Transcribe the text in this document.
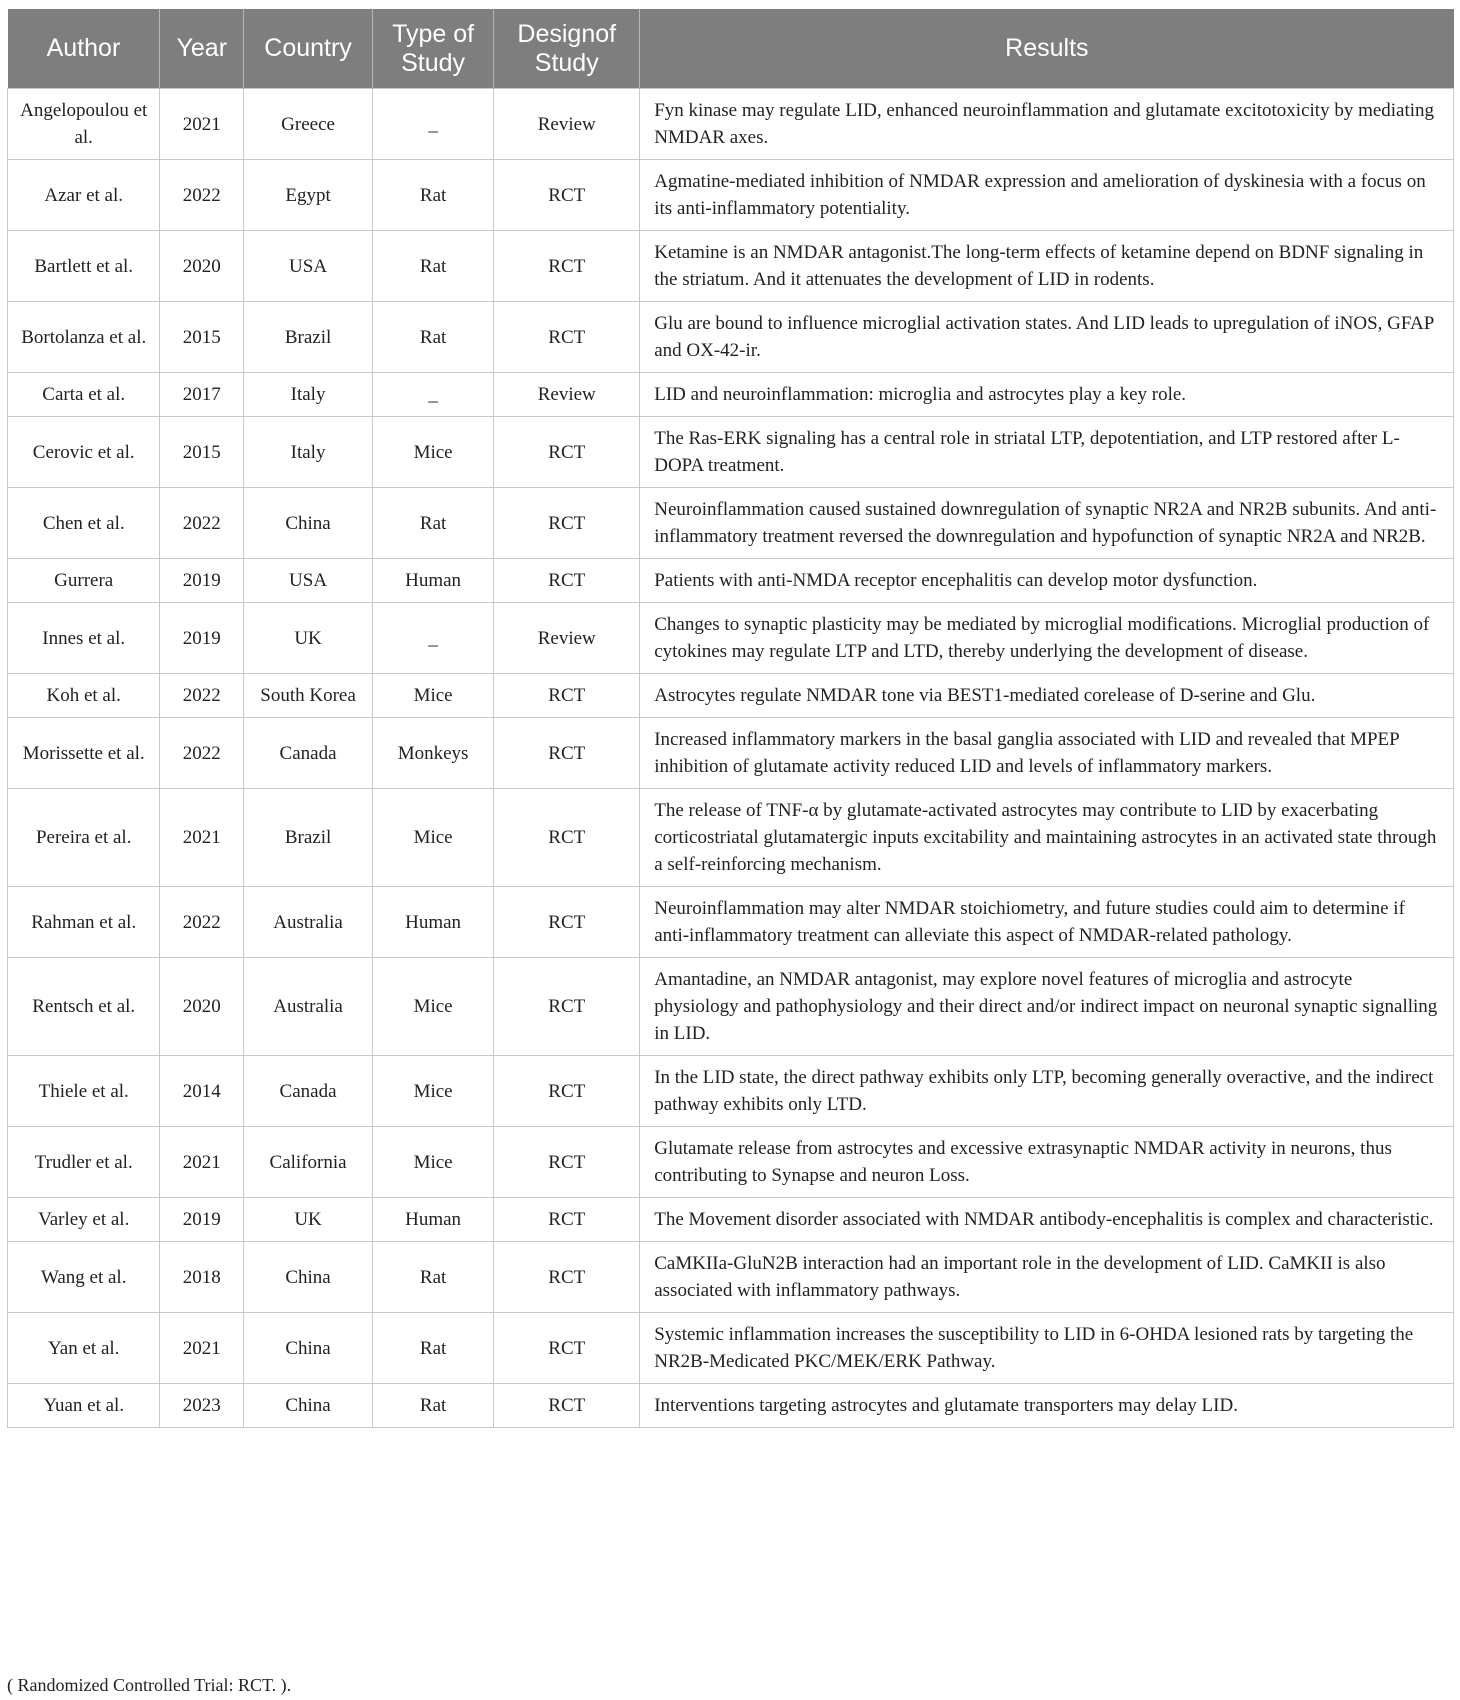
Author	Year	Country	Type of Study	Designof Study	Results
Angelopoulou et al.	2021	Greece	_	Review	Fyn kinase may regulate LID, enhanced neuroinflammation and glutamate excitotoxicity by mediating NMDAR axes.
Azar et al.	2022	Egypt	Rat	RCT	Agmatine-mediated inhibition of NMDAR expression and amelioration of dyskinesia with a focus on its anti-inflammatory potentiality.
Bartlett et al.	2020	USA	Rat	RCT	Ketamine is an NMDAR antagonist.The long-term effects of ketamine depend on BDNF signaling in the striatum. And it attenuates the development of LID in rodents.
Bortolanza et al.	2015	Brazil	Rat	RCT	Glu are bound to influence microglial activation states. And LID leads to upregulation of iNOS, GFAP and OX-42-ir.
Carta et al.	2017	Italy	_	Review	LID and neuroinflammation: microglia and astrocytes play a key role.
Cerovic et al.	2015	Italy	Mice	RCT	The Ras-ERK signaling has a central role in striatal LTP, depotentiation, and LTP restored after L-DOPA treatment.
Chen et al.	2022	China	Rat	RCT	Neuroinflammation caused sustained downregulation of synaptic NR2A and NR2B subunits. And anti-inflammatory treatment reversed the downregulation and hypofunction of synaptic NR2A and NR2B.
Gurrera	2019	USA	Human	RCT	Patients with anti-NMDA receptor encephalitis can develop motor dysfunction.
Innes et al.	2019	UK	_	Review	Changes to synaptic plasticity may be mediated by microglial modifications. Microglial production of cytokines may regulate LTP and LTD, thereby underlying the development of disease.
Koh et al.	2022	South Korea	Mice	RCT	Astrocytes regulate NMDAR tone via BEST1-mediated corelease of D-serine and Glu.
Morissette et al.	2022	Canada	Monkeys	RCT	Increased inflammatory markers in the basal ganglia associated with LID and revealed that MPEP inhibition of glutamate activity reduced LID and levels of inflammatory markers.
Pereira et al.	2021	Brazil	Mice	RCT	The release of TNF-α by glutamate-activated astrocytes may contribute to LID by exacerbating corticostriatal glutamatergic inputs excitability and maintaining astrocytes in an activated state through a self-reinforcing mechanism.
Rahman et al.	2022	Australia	Human	RCT	Neuroinflammation may alter NMDAR stoichiometry, and future studies could aim to determine if anti-inflammatory treatment can alleviate this aspect of NMDAR-related pathology.
Rentsch et al.	2020	Australia	Mice	RCT	Amantadine, an NMDAR antagonist, may explore novel features of microglia and astrocyte physiology and pathophysiology and their direct and/or indirect impact on neuronal synaptic signalling in LID.
Thiele et al.	2014	Canada	Mice	RCT	In the LID state, the direct pathway exhibits only LTP, becoming generally overactive, and the indirect pathway exhibits only LTD.
Trudler et al.	2021	California	Mice	RCT	Glutamate release from astrocytes and excessive extrasynaptic NMDAR activity in neurons, thus contributing to Synapse and neuron Loss.
Varley et al.	2019	UK	Human	RCT	The Movement disorder associated with NMDAR antibody-encephalitis is complex and characteristic.
Wang et al.	2018	China	Rat	RCT	CaMKIIa-GluN2B interaction had an important role in the development of LID. CaMKII is also associated with inflammatory pathways.
Yan et al.	2021	China	Rat	RCT	Systemic inflammation increases the susceptibility to LID in 6-OHDA lesioned rats by targeting the NR2B-Medicated PKC/MEK/ERK Pathway.
Yuan et al.	2023	China	Rat	RCT	Interventions targeting astrocytes and glutamate transporters may delay LID.
( Randomized Controlled Trial: RCT. ).
